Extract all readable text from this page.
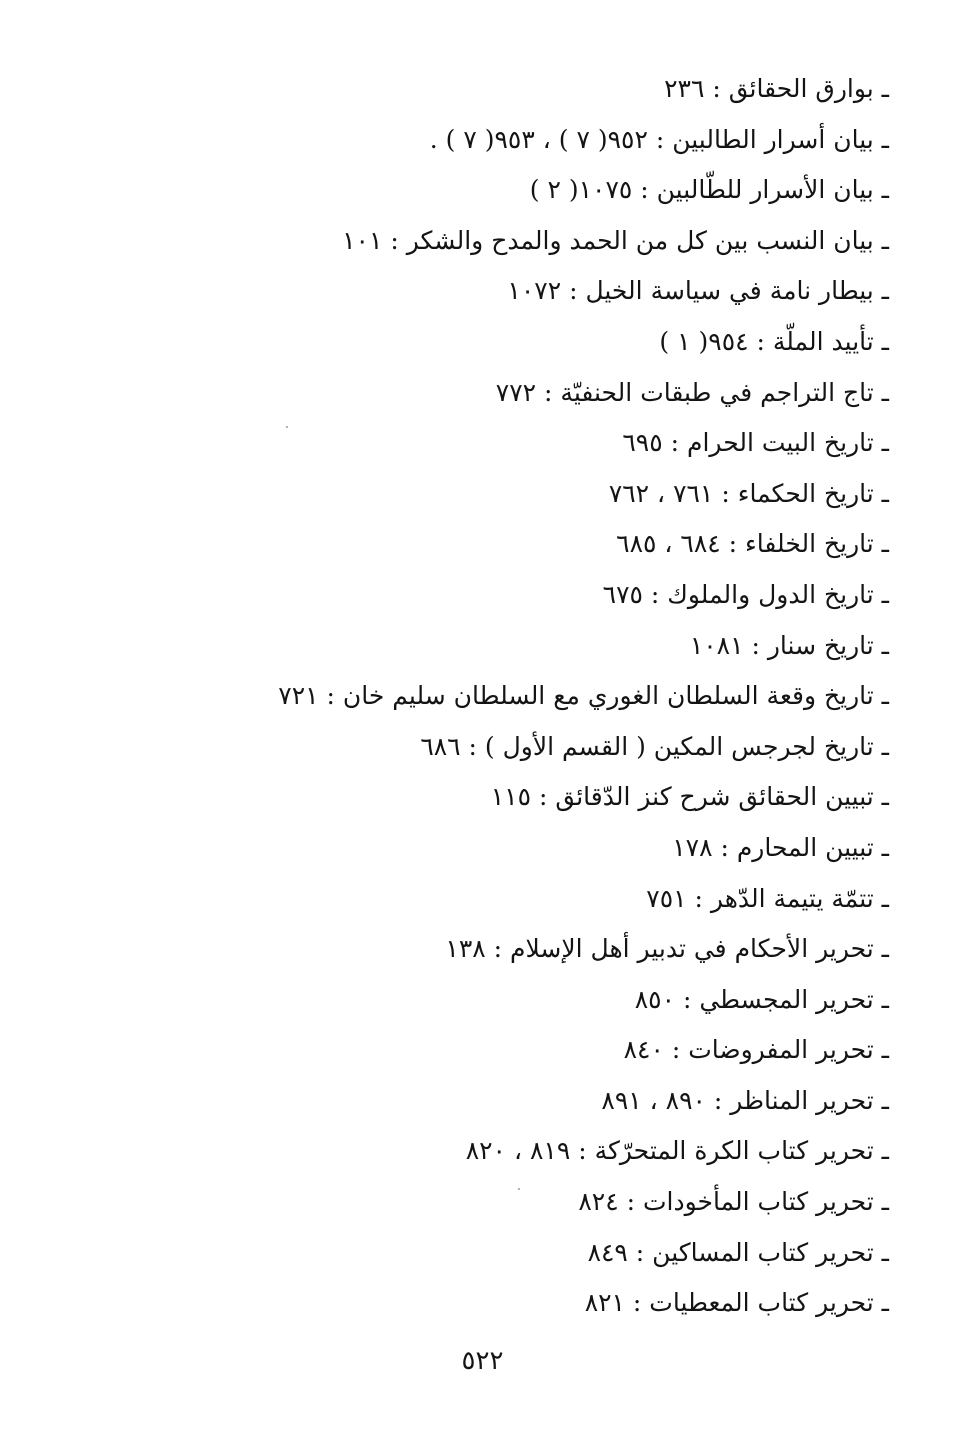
ـ بوارق الحقائق : ٢٣٦
ـ بيان أسرار الطالبين : ٩٥٢( ٧ ) ، ٩٥٣( ٧ ) .
ـ بيان الأسرار للطّالبين : ١٠٧٥( ٢ )
ـ بيان النسب بين كل من الحمد والمدح والشكر : ١٠١
ـ بيطار نامة في سياسة الخيل : ١٠٧٢
ـ تأييد الملّة : ٩٥٤( ١ )
ـ تاج التراجم في طبقات الحنفيّة : ٧٧٢
ـ تاريخ البيت الحرام : ٦٩٥
ـ تاريخ الحكماء : ٧٦١ ، ٧٦٢
ـ تاريخ الخلفاء : ٦٨٤ ، ٦٨٥
ـ تاريخ الدول والملوك : ٦٧٥
ـ تاريخ سنار : ١٠٨١
ـ تاريخ وقعة السلطان الغوري مع السلطان سليم خان : ٧٢١
ـ تاريخ لجرجس المكين ( القسم الأول ) : ٦٨٦
ـ تبيين الحقائق شرح كنز الدّقائق : ١١٥
ـ تبيين المحارم : ١٧٨
ـ تتمّة يتيمة الدّهر : ٧٥١
ـ تحرير الأحكام في تدبير أهل الإسلام : ١٣٨
ـ تحرير المجسطي : ٨٥٠
ـ تحرير المفروضات : ٨٤٠
ـ تحرير المناظر : ٨٩٠ ، ٨٩١
ـ تحرير كتاب الكرة المتحرّكة : ٨١٩ ، ٨٢٠
ـ تحرير كتاب المأخودات : ٨٢٤
ـ تحرير كتاب المساكين : ٨٤٩
ـ تحرير كتاب المعطيات : ٨٢١
٥٢٢
